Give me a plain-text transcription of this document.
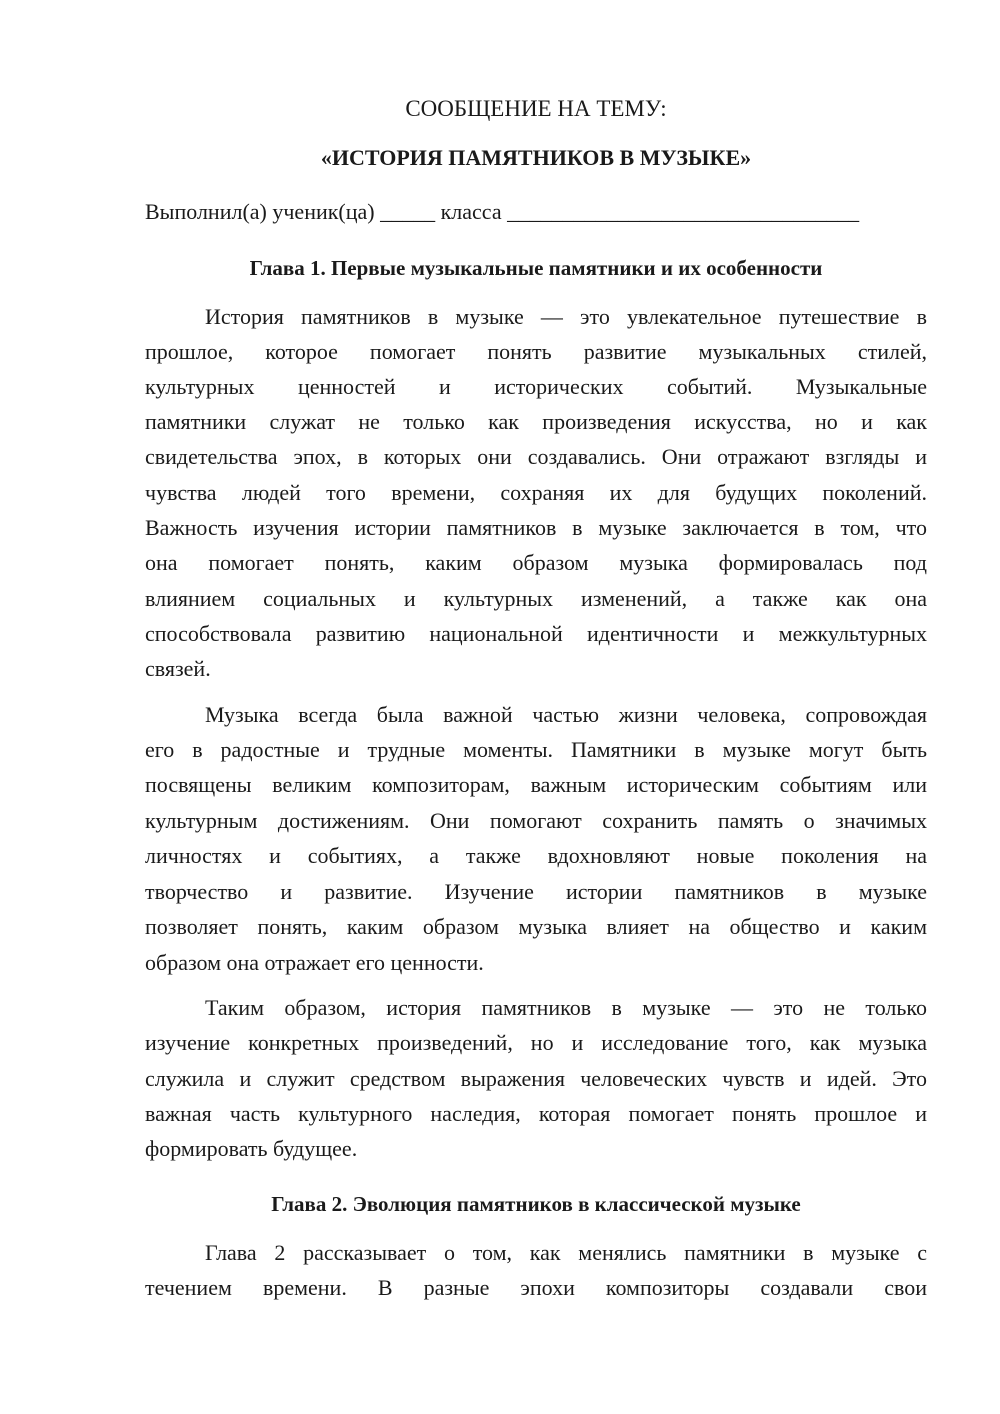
СООБЩЕНИЕ НА ТЕМУ:
«ИСТОРИЯ ПАМЯТНИКОВ В МУЗЫКЕ»
Выполнил(а) ученик(ца) _____ класса ________________________________
Глава 1. Первые музыкальные памятники и их особенности
История памятников в музыке — это увлекательное путешествие в
прошлое, которое помогает понять развитие музыкальных стилей,
культурных ценностей и исторических событий. Музыкальные
памятники служат не только как произведения искусства, но и как
свидетельства эпох, в которых они создавались. Они отражают взгляды и
чувства людей того времени, сохраняя их для будущих поколений.
Важность изучения истории памятников в музыке заключается в том, что
она помогает понять, каким образом музыка формировалась под
влиянием социальных и культурных изменений, а также как она
способствовала развитию национальной идентичности и межкультурных
связей.
Музыка всегда была важной частью жизни человека, сопровождая
его в радостные и трудные моменты. Памятники в музыке могут быть
посвящены великим композиторам, важным историческим событиям или
культурным достижениям. Они помогают сохранить память о значимых
личностях и событиях, а также вдохновляют новые поколения на
творчество и развитие. Изучение истории памятников в музыке
позволяет понять, каким образом музыка влияет на общество и каким
образом она отражает его ценности.
Таким образом, история памятников в музыке — это не только
изучение конкретных произведений, но и исследование того, как музыка
служила и служит средством выражения человеческих чувств и идей. Это
важная часть культурного наследия, которая помогает понять прошлое и
формировать будущее.
Глава 2. Эволюция памятников в классической музыке
Глава 2 рассказывает о том, как менялись памятники в музыке с
течением времени. В разные эпохи композиторы создавали свои
